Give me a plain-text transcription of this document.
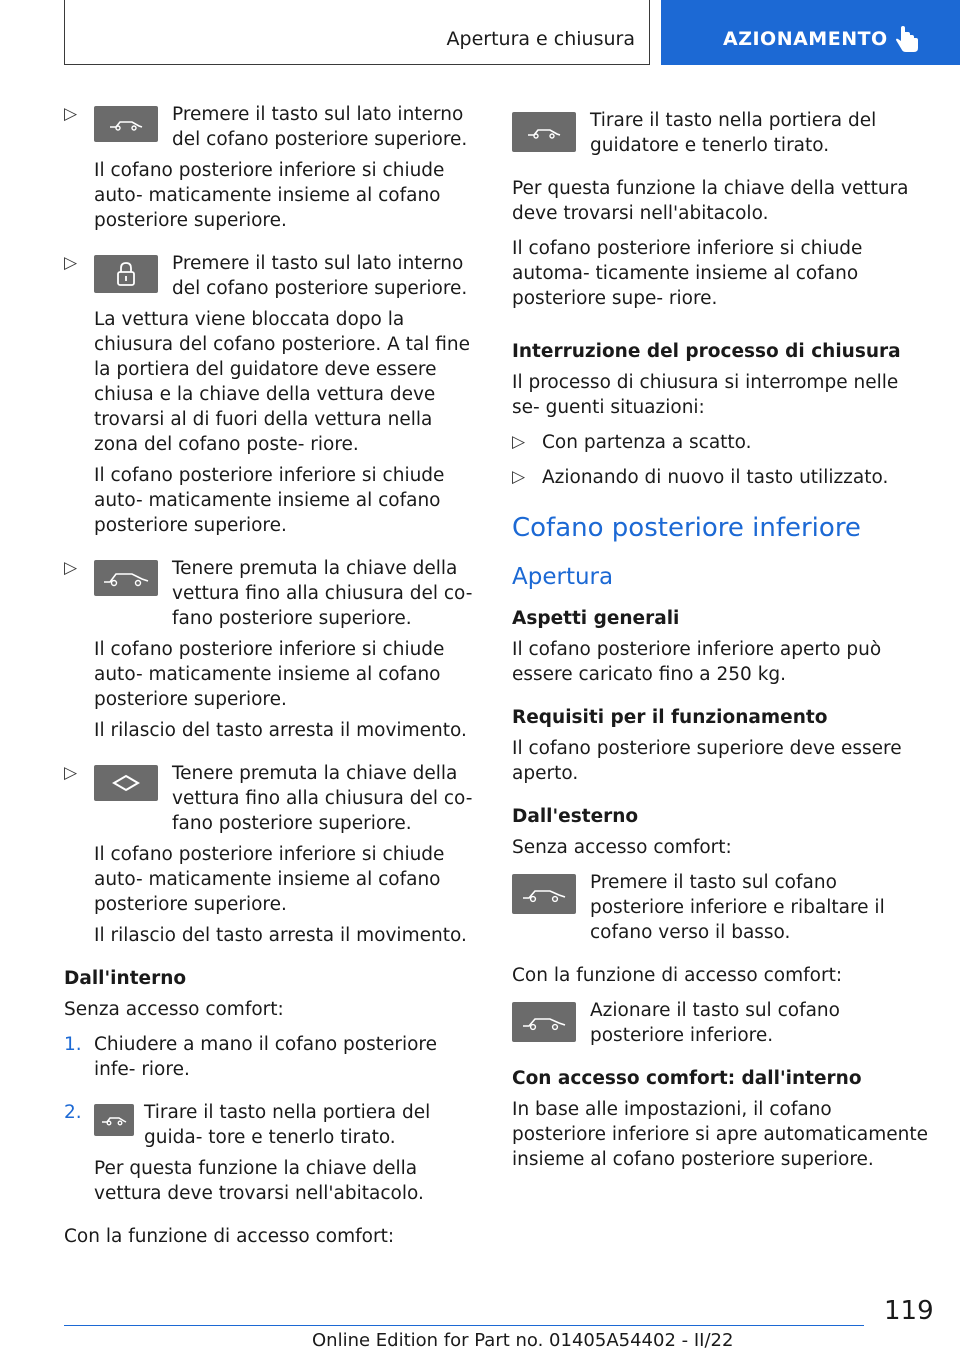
Apertura e chiusura	AZIONAMENTO
▷	Premere il tasto sul lato interno del cofano posteriore superiore.

Il cofano posteriore inferiore si chiude auto- maticamente insieme al cofano posteriore superiore.

▷	Premere il tasto sul lato interno del cofano posteriore superiore.

La vettura viene bloccata dopo la chiusura del cofano posteriore. A tal fine la portiera del guidatore deve essere chiusa e la chiave della vettura deve trovarsi al di fuori della vettura nella zona del cofano poste- riore.

Il cofano posteriore inferiore si chiude auto- maticamente insieme al cofano posteriore superiore.

▷	Tenere premuta la chiave della vettura fino alla chiusura del co- fano posteriore superiore.

Il cofano posteriore inferiore si chiude auto- maticamente insieme al cofano posteriore superiore.

Il rilascio del tasto arresta il movimento.

▷	Tenere premuta la chiave della vettura fino alla chiusura del co- fano posteriore superiore.

Il cofano posteriore inferiore si chiude auto- maticamente insieme al cofano posteriore superiore.

Il rilascio del tasto arresta il movimento.

Dall'interno

Senza accesso comfort:

1. Chiudere a mano il cofano posteriore infe- riore.

2.	Tirare il tasto nella portiera del guida- tore e tenerlo tirato.

Per questa funzione la chiave della vettura deve trovarsi nell'abitacolo.

Con la funzione di accesso comfort:

Tirare il tasto nella portiera del guidatore e tenerlo tirato.

Per questa funzione la chiave della vettura deve trovarsi nell'abitacolo.

Il cofano posteriore inferiore si chiude automa- ticamente insieme al cofano posteriore supe- riore.

Interruzione del processo di chiusura

Il processo di chiusura si interrompe nelle se- guenti situazioni:

▷ Con partenza a scatto.

▷ Azionando di nuovo il tasto utilizzato.

Cofano posteriore inferiore
Apertura
Aspetti generali

Il cofano posteriore inferiore aperto può essere caricato fino a 250 kg.

Requisiti per il funzionamento

Il cofano posteriore superiore deve essere aperto.

Dall'esterno

Senza accesso comfort:

Premere il tasto sul cofano posteriore inferiore e ribaltare il cofano verso il basso.

Con la funzione di accesso comfort:

Azionare il tasto sul cofano posteriore inferiore.

Con accesso comfort: dall'interno

In base alle impostazioni, il cofano posteriore inferiore si apre automaticamente insieme al cofano posteriore superiore.

119
Online Edition for Part no. 01405A54402 - II/22
